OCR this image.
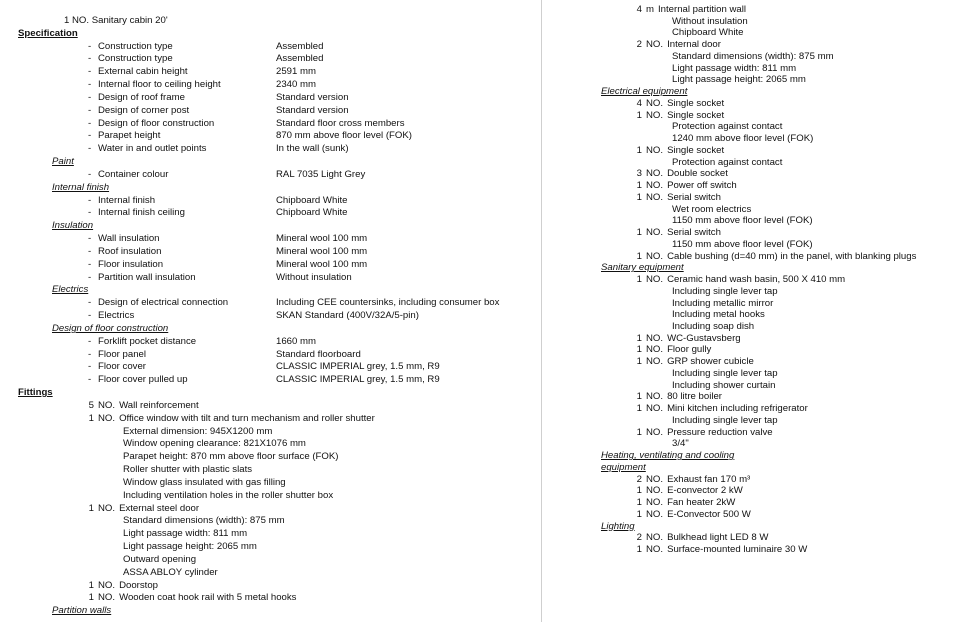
1 NO. Sanitary cabin 20'
Specification
- Construction type	Assembled
- Construction type	Assembled
- External cabin height	2591 mm
- Internal floor to ceiling height	2340 mm
- Design of roof frame	Standard version
- Design of corner post	Standard version
- Design of floor construction	Standard floor cross members
- Parapet height	870 mm above floor level (FOK)
- Water in and outlet points	In the wall (sunk)
Paint
- Container colour	RAL 7035 Light Grey
Internal finish
- Internal finish	Chipboard White
- Internal finish ceiling	Chipboard White
Insulation
- Wall insulation	Mineral wool 100 mm
- Roof insulation	Mineral wool 100 mm
- Floor insulation	Mineral wool 100 mm
- Partition wall insulation	Without insulation
Electrics
- Design of electrical connection	Including CEE countersinks, including consumer box
- Electrics	SKAN Standard (400V/32A/5-pin)
Design of floor construction
- Forklift pocket distance	1660 mm
- Floor panel	Standard floorboard
- Floor cover	CLASSIC IMPERIAL grey, 1.5 mm, R9
- Floor cover pulled up	CLASSIC IMPERIAL grey, 1.5 mm, R9
Fittings
5 NO. Wall reinforcement
1 NO. Office window with tilt and turn mechanism and roller shutter
External dimension: 945X1200 mm
Window opening clearance: 821X1076 mm
Parapet height: 870 mm above floor surface (FOK)
Roller shutter with plastic slats
Window glass insulated with gas filling
Including ventilation holes in the roller shutter box
1 NO. External steel door
Standard dimensions (width): 875 mm
Light passage width: 811 mm
Light passage height: 2065 mm
Outward opening
ASSA ABLOY cylinder
1 NO. Doorstop
1 NO. Wooden coat hook rail with 5 metal hooks
Partition walls
4 m Internal partition wall
Without insulation
Chipboard White
2 NO. Internal door
Standard dimensions (width): 875 mm
Light passage width: 811 mm
Light passage height: 2065 mm
Electrical equipment
4 NO. Single socket
1 NO. Single socket
Protection against contact
1240 mm above floor level (FOK)
1 NO. Single socket
Protection against contact
3 NO. Double socket
1 NO. Power off switch
1 NO. Serial switch
Wet room electrics
1150 mm above floor level (FOK)
1 NO. Serial switch
1150 mm above floor level (FOK)
1 NO. Cable bushing (d=40 mm) in the panel, with blanking plugs
Sanitary equipment
1 NO. Ceramic hand wash basin, 500 X 410 mm
Including single lever tap
Including metallic mirror
Including metal hooks
Including soap dish
1 NO. WC-Gustavsberg
1 NO. Floor gully
1 NO. GRP shower cubicle
Including single lever tap
Including shower curtain
1 NO. 80 litre boiler
1 NO. Mini kitchen including refrigerator
Including single lever tap
1 NO. Pressure reduction valve
3/4"
Heating, ventilating and cooling
equipment
2 NO. Exhaust fan 170 m³
1 NO. E-convector 2 kW
1 NO. Fan heater 2kW
1 NO. E-Convector 500 W
Lighting
2 NO. Bulkhead light LED 8 W
1 NO. Surface-mounted luminaire 30 W
